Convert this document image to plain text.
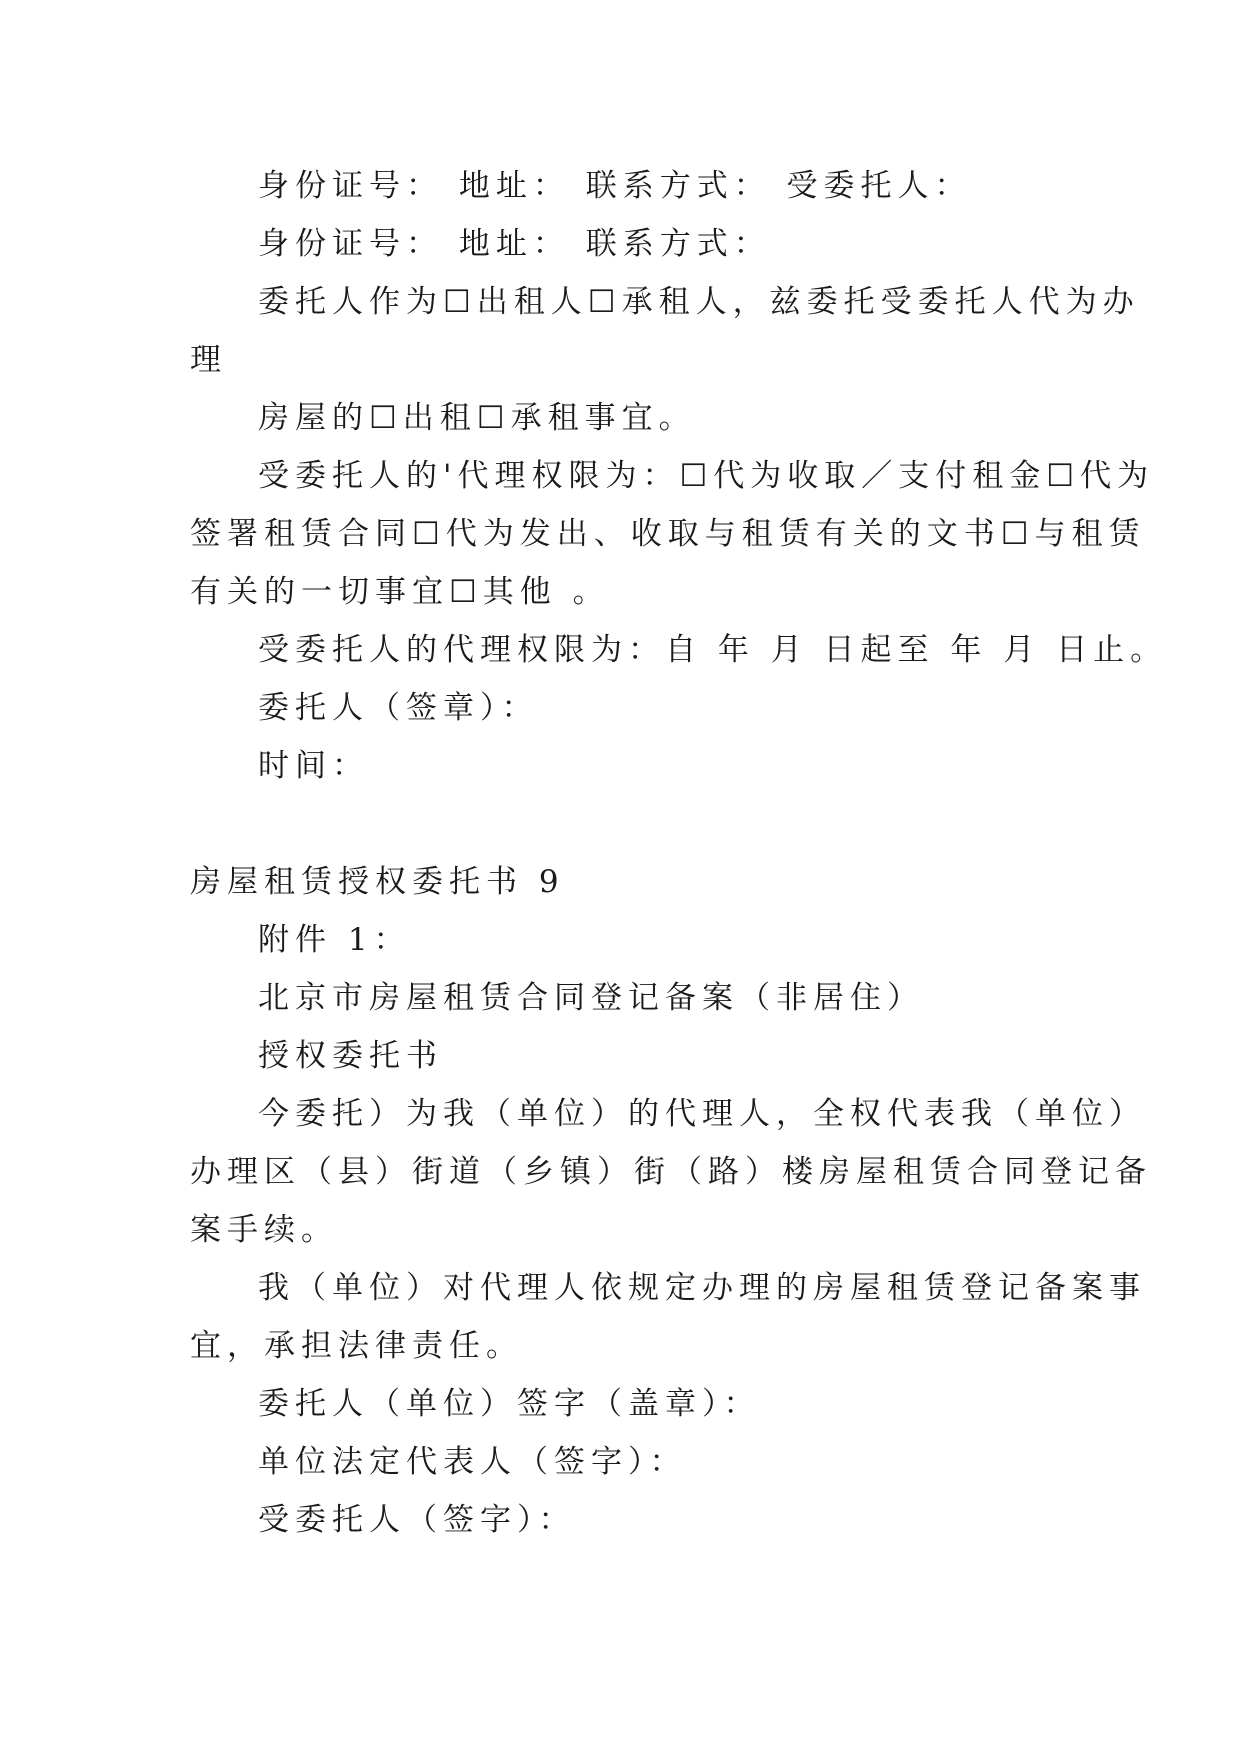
身份证号： 地址： 联系方式： 受委托人：
身份证号： 地址： 联系方式：
委托人作为☐出租人☐承租人，兹委托受委托人代为办
理
房屋的☐出租☐承租事宜。
受委托人的'代理权限为：☐代为收取／支付租金☐代为
签署租赁合同☐代为发出、收取与租赁有关的文书☐与租赁
有关的一切事宜☐其他 。
受委托人的代理权限为：自 年 月 日起至 年 月 日止。
委托人（签章）：
时间：
房屋租赁授权委托书 9
附件 1：
北京市房屋租赁合同登记备案（非居住）
授权委托书
今委托）为我（单位）的代理人，全权代表我（单位）
办理区（县）街道（乡镇）街（路）楼房屋租赁合同登记备
案手续。
我（单位）对代理人依规定办理的房屋租赁登记备案事
宜，承担法律责任。
委托人（单位）签字（盖章）：
单位法定代表人（签字）：
受委托人（签字）：
